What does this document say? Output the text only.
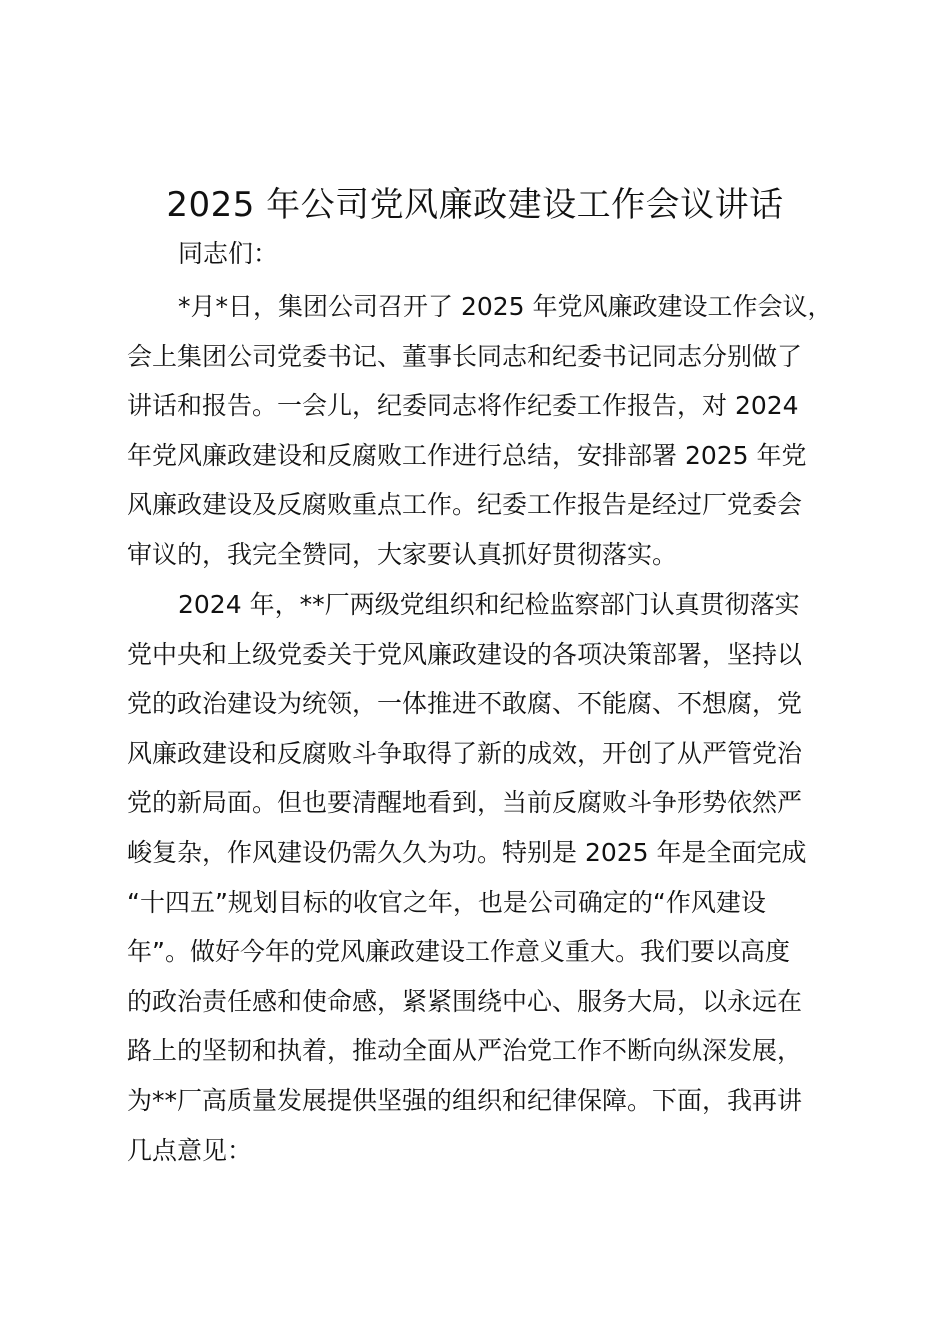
2025 年公司党风廉政建设工作会议讲话

同志们：

*月*日，集团公司召开了 2025 年党风廉政建设工作会议，
会上集团公司党委书记、董事长同志和纪委书记同志分别做了
讲话和报告。一会儿，纪委同志将作纪委工作报告，对 2024
年党风廉政建设和反腐败工作进行总结，安排部署 2025 年党
风廉政建设及反腐败重点工作。纪委工作报告是经过厂党委会
审议的，我完全赞同，大家要认真抓好贯彻落实。
2024 年，**厂两级党组织和纪检监察部门认真贯彻落实
党中央和上级党委关于党风廉政建设的各项决策部署，坚持以
党的政治建设为统领，一体推进不敢腐、不能腐、不想腐，党
风廉政建设和反腐败斗争取得了新的成效，开创了从严管党治
党的新局面。但也要清醒地看到，当前反腐败斗争形势依然严
峻复杂，作风建设仍需久久为功。特别是 2025 年是全面完成
“十四五”规划目标的收官之年，也是公司确定的“作风建设
年”。做好今年的党风廉政建设工作意义重大。我们要以高度
的政治责任感和使命感，紧紧围绕中心、服务大局，以永远在
路上的坚韧和执着，推动全面从严治党工作不断向纵深发展，
为**厂高质量发展提供坚强的组织和纪律保障。下面，我再讲
几点意见：
